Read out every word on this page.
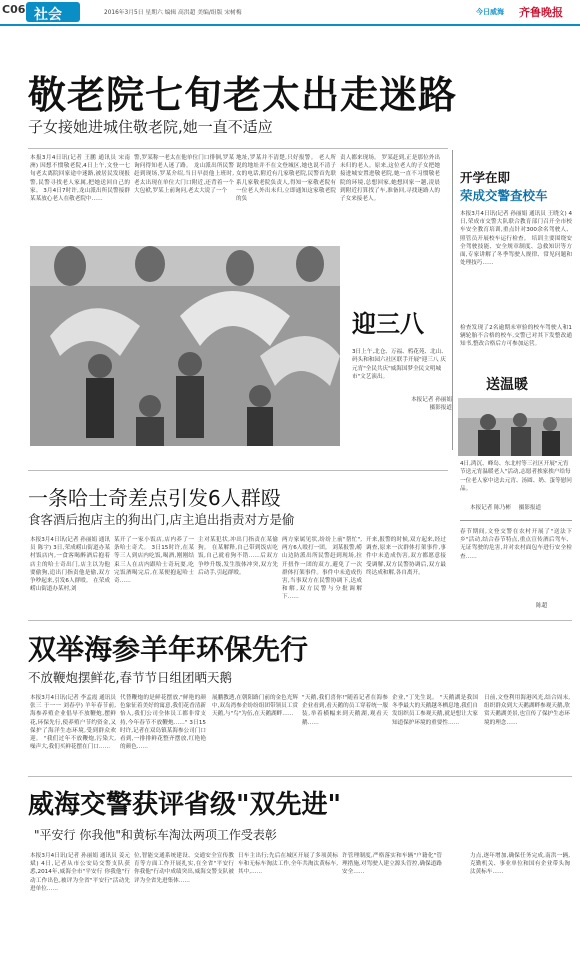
C06 社会	2016年3月5日 星期六 编辑 高洪超 美编/组版 宋树梅	今日威海 齐鲁晚报
敬老院七旬老太出走迷路
子女接她进城住敬老院,她一直不适应
本报3月4日讯(记者 王鹏 通讯员 宋南洲) 因想不惯敬老院,4日上午,文登一七旬老太离院回家途中迷路,被居民发现报警,民警寻找老人家属,把她送回自己的家。 3月4日7时许,龙山派出所民警接群某某放心老人在敬老院中……
警,罗某称一老太在他单位门口徘徊,罗某询问得知老人迷了路。 龙山派出所民警赶到现场,罗某介绍,当日早晨他上班时,老太出现在单位大门口附近,还背着一个大包袱,罗某上前询问,老太大说了一个
地址,罗某并不清楚,只好报警。 老人所说的地址并不在文登城区,她也说不清子女的电话,附近有几家敬老院,民警首先联系几家敬老院负责人,得知一家敬老院有一位老人外出未归,立即通知这家敬老院的负
责人都来现场。 罗某赶到,正是那位外出未归的老人。原来,这位老人的子女把她接进城安置进敬老院,她一直不习惯敬老院的环境,总想回家,她想回家一趟,凌晨到附近打算找了车,准备回,寻找迷路人的子女来接老人。
迎三八
3日上午,北仓、万福、鸦花苑、北山、码头和和园六社区联手开展"迎三八 庆元宵"全民共庆"威海国梦全民文明城市"文艺演出。
本报记者 孙丽娟
摄影报道
一条哈士奇差点引发6人群殴
食客酒后抱店主的狗出门,店主追出指责对方是偷
本报3月4日讯(记者 孙丽娟 通讯员 陈宇) 3日,荣成崂山街道办某村饭店内,一食客喝醉酒后抱着店主的哈士奇出门,店主以为他要偷狗,追出门指责他是偷,双方争吵起来,引发6人群殴。 在荣成崂山街道办某村,刘
某开了一家小饭店,店内养了一条哈士奇犬。 3日15时许,在某等三人到店内吃饭,喝酒,刚刚结束三人在店内跟哈士奇玩耍,吃完饭酒喝完后,在某便抱起哈士奇……
主对某犯状,冲出门指责在某偷狗。 在某解释,自己带到饭店吃饭,自己就看狗不错……后双方争吵升级,发生肢体冲突,双方先后动手,引起群殴。
两方家属见状,纷纷上前"帮忙",两方6人殴打一团。 刘某报警,崂山边防派出所民警赶到现场,拉开扭作一团的双方,避免了一次群体打架事件。事件中未造成伤害,当事双方在民警协调下,达成和解,双方民警与分批调解下……
开来,报警的时候,双方起来,经过调查,原来一次群体打架事件,事件中未造成伤害,双方都愿意接受调解,双方民警协调后,双方最终达成和解,各自离开。
双举海参羊年环保先行
不放鞭炮摆鲜花,春节节日组团晒天鹅
本报3月4日讯(记者 李孟霞 通讯员 张三 于一一 刘春亭) 羊年春节前,海参养殖企业倡导不放鞭炮,摆鲜花,环保先行,使养殖户节约资金,又保护了海洋生态环境,受到群众欢迎。 "我们过年不放鞭炮,污染大,噪声大,我们买鲜花摆在门口……
代替鞭炮的是鲜花摆放,"鲜艳的颜色象征着美好的寓意,我们花香清新怡人,我们公司全体员工都非常支持,今年春节不放鞭炮……" 3日15时许,记者在双岛镇某海参公司门口看到,一排排鲜花整齐摆放,红艳艳的颜色……
展鹏教透,在朝阳路门前的金色光辉中,双岛湾参企纷纷组团带领员工赏天鹅,与"鸟"为伍,在天鹅湖畔……
"天鹅,我们喜你!"随着记者在海参企业看到,看天鹅的员工穿着统一服装,举着横幅来到天鹅湖,观看天鹅……
企业,"丁先生说。 "天鹅湖是我国冬季最大的天鹅越冬栖息地,我们自发组织员工参观天鹅,就是想让大家知道保护环境的重要性……
日前,文登利用海港风光,结合周末,组织群众到大天鹅湖畔参观天鹅,欣赏天鹅湖美景,也宣传了保护生态环境的理念……
威海交警获评省级"双先进"
"平安行 你我他"和黄标车淘汰两项工作受表彰
本报3月4日讯(记者 孙丽娟 通讯员 姜元斌) 4日,记者从市公安局交警支队获悉,2014年,威海全市"平安行 你我他"行动工作出色,被评为全省"平安行"活动先进单位……
位,智能交通系统建设、交通安全宣传教育等方面工作开展扎实,在全省"平安行 你我他"行动中成绩突出,威海交警支队被评为全省先进集体……
日车主出行;先后在城区开展了多项黄标车和无标车淘汰工作,全年共淘汰黄标车,其中,……
许管理制度,严格落实和车辆"户籍化"管理措施,对驾驶人建立源头管控,确保道路安全……
力点,逐年增加,确保任务完成,南洪一辆,克勤机关、事业单位和国有企业带头淘汰黄标车……
开学在即
荣成交警查校车
本报3月4日讯(记者 孙丽娟 通讯员 王晓文) 4日,荣成市交警大队联合教育部门召开全市校车安全教育培训,重点针对300余名驾驶人、照管员开展校车运行检查。 培训主要围绕安全驾驶技能、安全规章制度、急救知识等方面,专家讲解了冬季驾驶人规律、常见问题和处理技巧……
检查发现了2名逾期未审验的校车驾驶人和1辆轮胎不合格的校车,交警已对其下发整改通知书,整改合格后方可参加运营。
送温暖
4日,鸿沉、峰岛、东北村等三社区开展"元宵节送元宵温暖老人"活动,志愿者挨家挨户给每一位老人家中送去元宵、汤圆、奶、蛋等慰问品。
本报记者 陈乃彬 摄影报道
春节期间,文登交警在农村开展了"送法下乡"活动,结合春节特点,重点宣传酒后驾车、无证驾驶的危害,并对农村面包车进行安全检查……
陈超
